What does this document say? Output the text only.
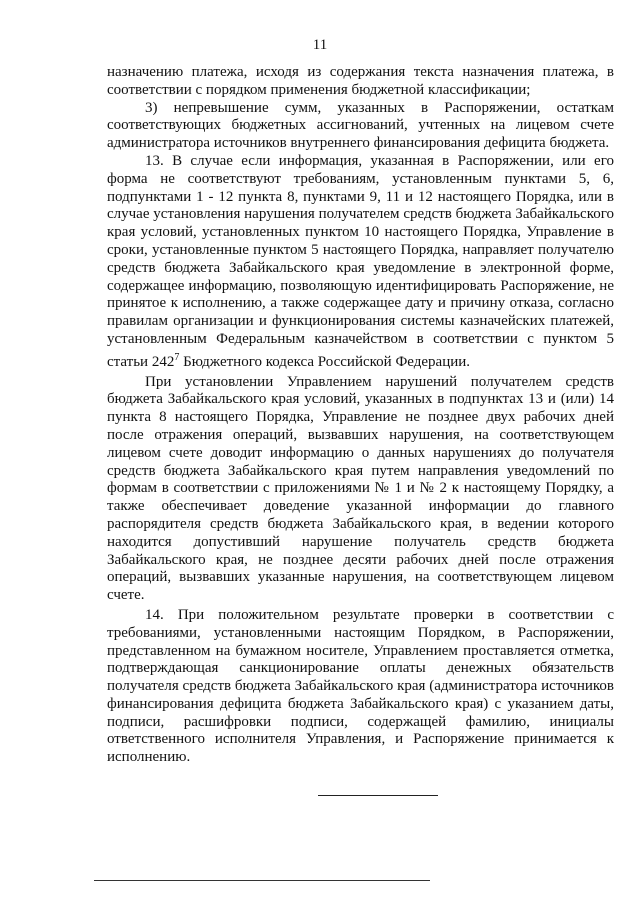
11

назначению платежа, исходя из содержания текста назначения платежа, в соответствии с порядком применения бюджетной классификации;

3) непревышение сумм, указанных в Распоряжении, остаткам соответствующих бюджетных ассигнований, учтенных на лицевом счете администратора источников внутреннего финансирования дефицита бюджета.

13. В случае если информация, указанная в Распоряжении, или его форма не соответствуют требованиям, установленным пунктами 5, 6, подпунктами 1 - 12 пункта 8, пунктами 9, 11 и 12 настоящего Порядка, или в случае установления нарушения получателем средств бюджета Забайкальского края условий, установленных пунктом 10 настоящего Порядка, Управление в сроки, установленные пунктом 5 настоящего Порядка, направляет получателю средств бюджета Забайкальского края уведомление в электронной форме, содержащее информацию, позволяющую идентифицировать Распоряжение, не принятое к исполнению, а также содержащее дату и причину отказа, согласно правилам организации и функционирования системы казначейских платежей, установленным Федеральным казначейством в соответствии с пунктом 5 статьи $242^7$ Бюджетного кодекса Российской Федерации.

При установлении Управлением нарушений получателем средств бюджета Забайкальского края условий, указанных в подпунктах 13 и (или) 14 пункта 8 настоящего Порядка, Управление не позднее двух рабочих дней после отражения операций, вызвавших нарушения, на соответствующем лицевом счете доводит информацию о данных нарушениях до получателя средств бюджета Забайкальского края путем направления уведомлений по формам в соответствии с приложениями № 1 и № 2 к настоящему Порядку, а также обеспечивает доведение указанной информации до главного распорядителя средств бюджета Забайкальского края, в ведении которого находится допустивший нарушение получатель средств бюджета Забайкальского края, не позднее десяти рабочих дней после отражения операций, вызвавших указанные нарушения, на соответствующем лицевом счете.

14. При положительном результате проверки в соответствии с требованиями, установленными настоящим Порядком, в Распоряжении, представленном на бумажном носителе, Управлением проставляется отметка, подтверждающая санкционирование оплаты денежных обязательств получателя средств бюджета Забайкальского края (администратора источников финансирования дефицита бюджета Забайкальского края) с указанием даты, подписи, расшифровки подписи, содержащей фамилию, инициалы ответственного исполнителя Управления, и Распоряжение принимается к исполнению.
